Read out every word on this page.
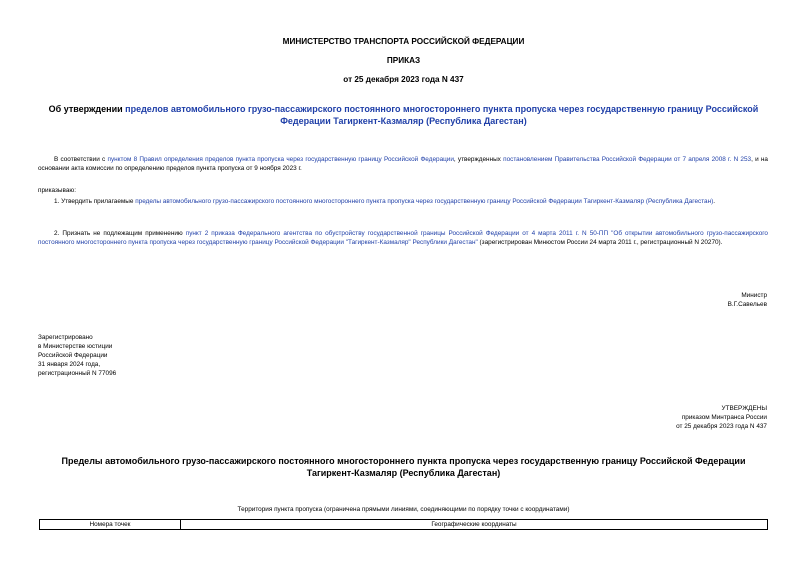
МИНИСТЕРСТВО ТРАНСПОРТА РОССИЙСКОЙ ФЕДЕРАЦИИ
ПРИКАЗ
от 25 декабря 2023 года N 437
Об утверждении пределов автомобильного грузо-пассажирского постоянного многостороннего пункта пропуска через государственную границу Российской Федерации Тагиркент-Казмаляр (Республика Дагестан)
В соответствии с пунктом 8 Правил определения пределов пункта пропуска через государственную границу Российской Федерации, утвержденных постановлением Правительства Российской Федерации от 7 апреля 2008 г. N 253, и на основании акта комиссии по определению пределов пункта пропуска от 9 ноября 2023 г.
приказываю:
1. Утвердить прилагаемые пределы автомобильного грузо-пассажирского постоянного многостороннего пункта пропуска через государственную границу Российской Федерации Тагиркент-Казмаляр (Республика Дагестан).
2. Признать не подлежащим применению пункт 2 приказа Федерального агентства по обустройству государственной границы Российской Федерации от 4 марта 2011 г. N 50-ПП "Об открытии автомобильного грузо-пассажирского постоянного многостороннего пункта пропуска через государственную границу Российской Федерации "Тагиркент-Казмаляр" Республики Дагестан" (зарегистрирован Минюстом России 24 марта 2011 г., регистрационный N 20270).
Министр
В.Г.Савельев
Зарегистрировано
в Министерстве юстиции
Российской Федерации
31 января 2024 года,
регистрационный N 77096
УТВЕРЖДЕНЫ
приказом Минтранса России
от 25 декабря 2023 года N 437
Пределы автомобильного грузо-пассажирского постоянного многостороннего пункта пропуска через государственную границу Российской Федерации Тагиркент-Казмаляр (Республика Дагестан)
Территория пункта пропуска (ограничена прямыми линиями, соединяющими по порядку точки с координатами)
Номера точек	Географические координаты
